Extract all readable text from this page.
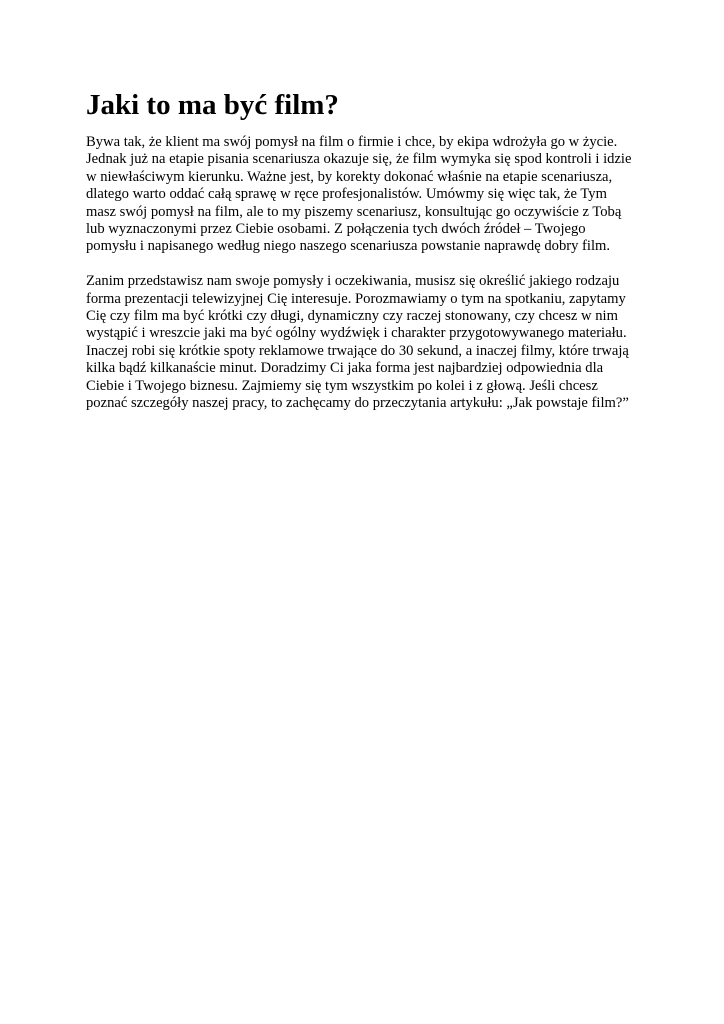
Jaki to ma być film?

Bywa tak, że klient ma swój pomysł na film o firmie i chce, by ekipa wdrożyła go w życie.
Jednak już na etapie pisania scenariusza okazuje się, że film wymyka się spod kontroli i idzie
w niewłaściwym kierunku. Ważne jest, by korekty dokonać właśnie na etapie scenariusza,
dlatego warto oddać całą sprawę w ręce profesjonalistów. Umówmy się więc tak, że Tym
masz swój pomysł na film, ale to my piszemy scenariusz, konsultując go oczywiście z Tobą
lub wyznaczonymi przez Ciebie osobami. Z połączenia tych dwóch źródeł – Twojego
pomysłu i napisanego według niego naszego scenariusza powstanie naprawdę dobry film.

Zanim przedstawisz nam swoje pomysły i oczekiwania, musisz się określić jakiego rodzaju
forma prezentacji telewizyjnej Cię interesuje. Porozmawiamy o tym na spotkaniu, zapytamy
Cię czy film ma być krótki czy długi, dynamiczny czy raczej stonowany, czy chcesz w nim
wystąpić i wreszcie jaki ma być ogólny wydźwięk i charakter przygotowywanego materiału.
Inaczej robi się krótkie spoty reklamowe trwające do 30 sekund, a inaczej filmy, które trwają
kilka bądź kilkanaście minut. Doradzimy Ci jaka forma jest najbardziej odpowiednia dla
Ciebie i Twojego biznesu. Zajmiemy się tym wszystkim po kolei i z głową. Jeśli chcesz
poznać szczegóły naszej pracy, to zachęcamy do przeczytania artykułu: „Jak powstaje film?”
